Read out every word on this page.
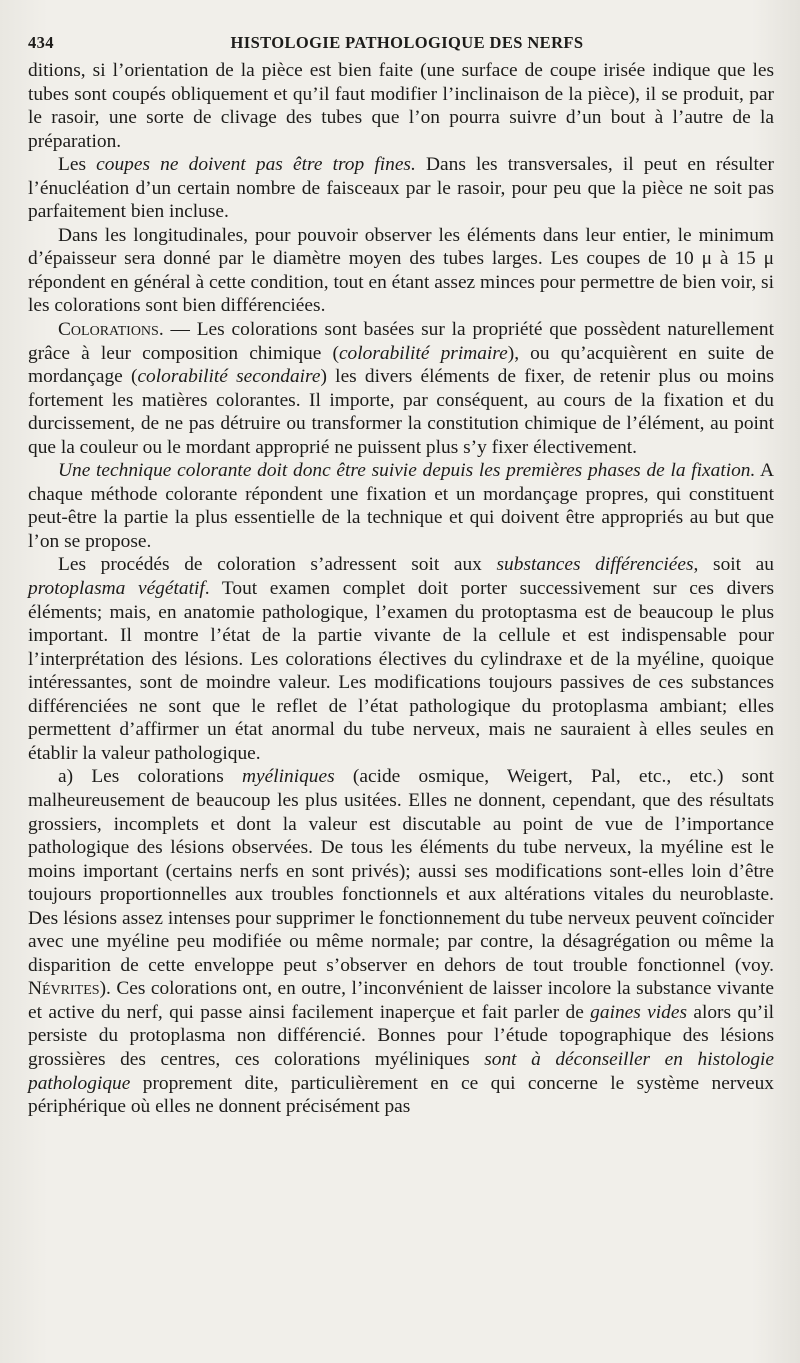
434	HISTOLOGIE PATHOLOGIQUE DES NERFS

ditions, si l’orientation de la pièce est bien faite (une surface de coupe irisée indique que les tubes sont coupés obliquement et qu’il faut modifier l’inclinaison de la pièce), il se produit, par le rasoir, une sorte de clivage des tubes que l’on pourra suivre d’un bout à l’autre de la préparation.

Les coupes ne doivent pas être trop fines. Dans les transversales, il peut en résulter l’énucléation d’un certain nombre de faisceaux par le rasoir, pour peu que la pièce ne soit pas parfaitement bien incluse.

Dans les longitudinales, pour pouvoir observer les éléments dans leur entier, le minimum d’épaisseur sera donné par le diamètre moyen des tubes larges. Les coupes de 10 μ à 15 μ répondent en général à cette condition, tout en étant assez minces pour permettre de bien voir, si les colorations sont bien différenciées.

Colorations. — Les colorations sont basées sur la propriété que possèdent naturellement grâce à leur composition chimique (colorabilité primaire), ou qu’acquièrent en suite de mordançage (colorabilité secondaire) les divers éléments de fixer, de retenir plus ou moins fortement les matières colorantes. Il importe, par conséquent, au cours de la fixation et du durcissement, de ne pas détruire ou transformer la constitution chimique de l’élément, au point que la couleur ou le mordant approprié ne puissent plus s’y fixer électivement.

Une technique colorante doit donc être suivie depuis les premières phases de la fixation. A chaque méthode colorante répondent une fixation et un mordançage propres, qui constituent peut-être la partie la plus essentielle de la technique et qui doivent être appropriés au but que l’on se propose.

Les procédés de coloration s’adressent soit aux substances différenciées, soit au protoplasma végétatif. Tout examen complet doit porter successivement sur ces divers éléments; mais, en anatomie pathologique, l’examen du protoptasma est de beaucoup le plus important. Il montre l’état de la partie vivante de la cellule et est indispensable pour l’interprétation des lésions. Les colorations électives du cylindraxe et de la myéline, quoique intéressantes, sont de moindre valeur. Les modifications toujours passives de ces substances différenciées ne sont que le reflet de l’état pathologique du protoplasma ambiant; elles permettent d’affirmer un état anormal du tube nerveux, mais ne sauraient à elles seules en établir la valeur pathologique.

a) Les colorations myéliniques (acide osmique, Weigert, Pal, etc., etc.) sont malheureusement de beaucoup les plus usitées. Elles ne donnent, cependant, que des résultats grossiers, incomplets et dont la valeur est discutable au point de vue de l’importance pathologique des lésions observées. De tous les éléments du tube nerveux, la myéline est le moins important (certains nerfs en sont privés); aussi ses modifications sont-elles loin d’être toujours proportionnelles aux troubles fonctionnels et aux altérations vitales du neuroblaste. Des lésions assez intenses pour supprimer le fonctionnement du tube nerveux peuvent coïncider avec une myéline peu modifiée ou même normale; par contre, la désagrégation ou même la disparition de cette enveloppe peut s’observer en dehors de tout trouble fonctionnel (voy. Névrites). Ces colorations ont, en outre, l’inconvénient de laisser incolore la substance vivante et active du nerf, qui passe ainsi facilement inaperçue et fait parler de gaines vides alors qu’il persiste du protoplasma non différencié. Bonnes pour l’étude topographique des lésions grossières des centres, ces colorations myéliniques sont à déconseiller en histologie pathologique proprement dite, particulièrement en ce qui concerne le système nerveux périphérique où elles ne donnent précisément pas
